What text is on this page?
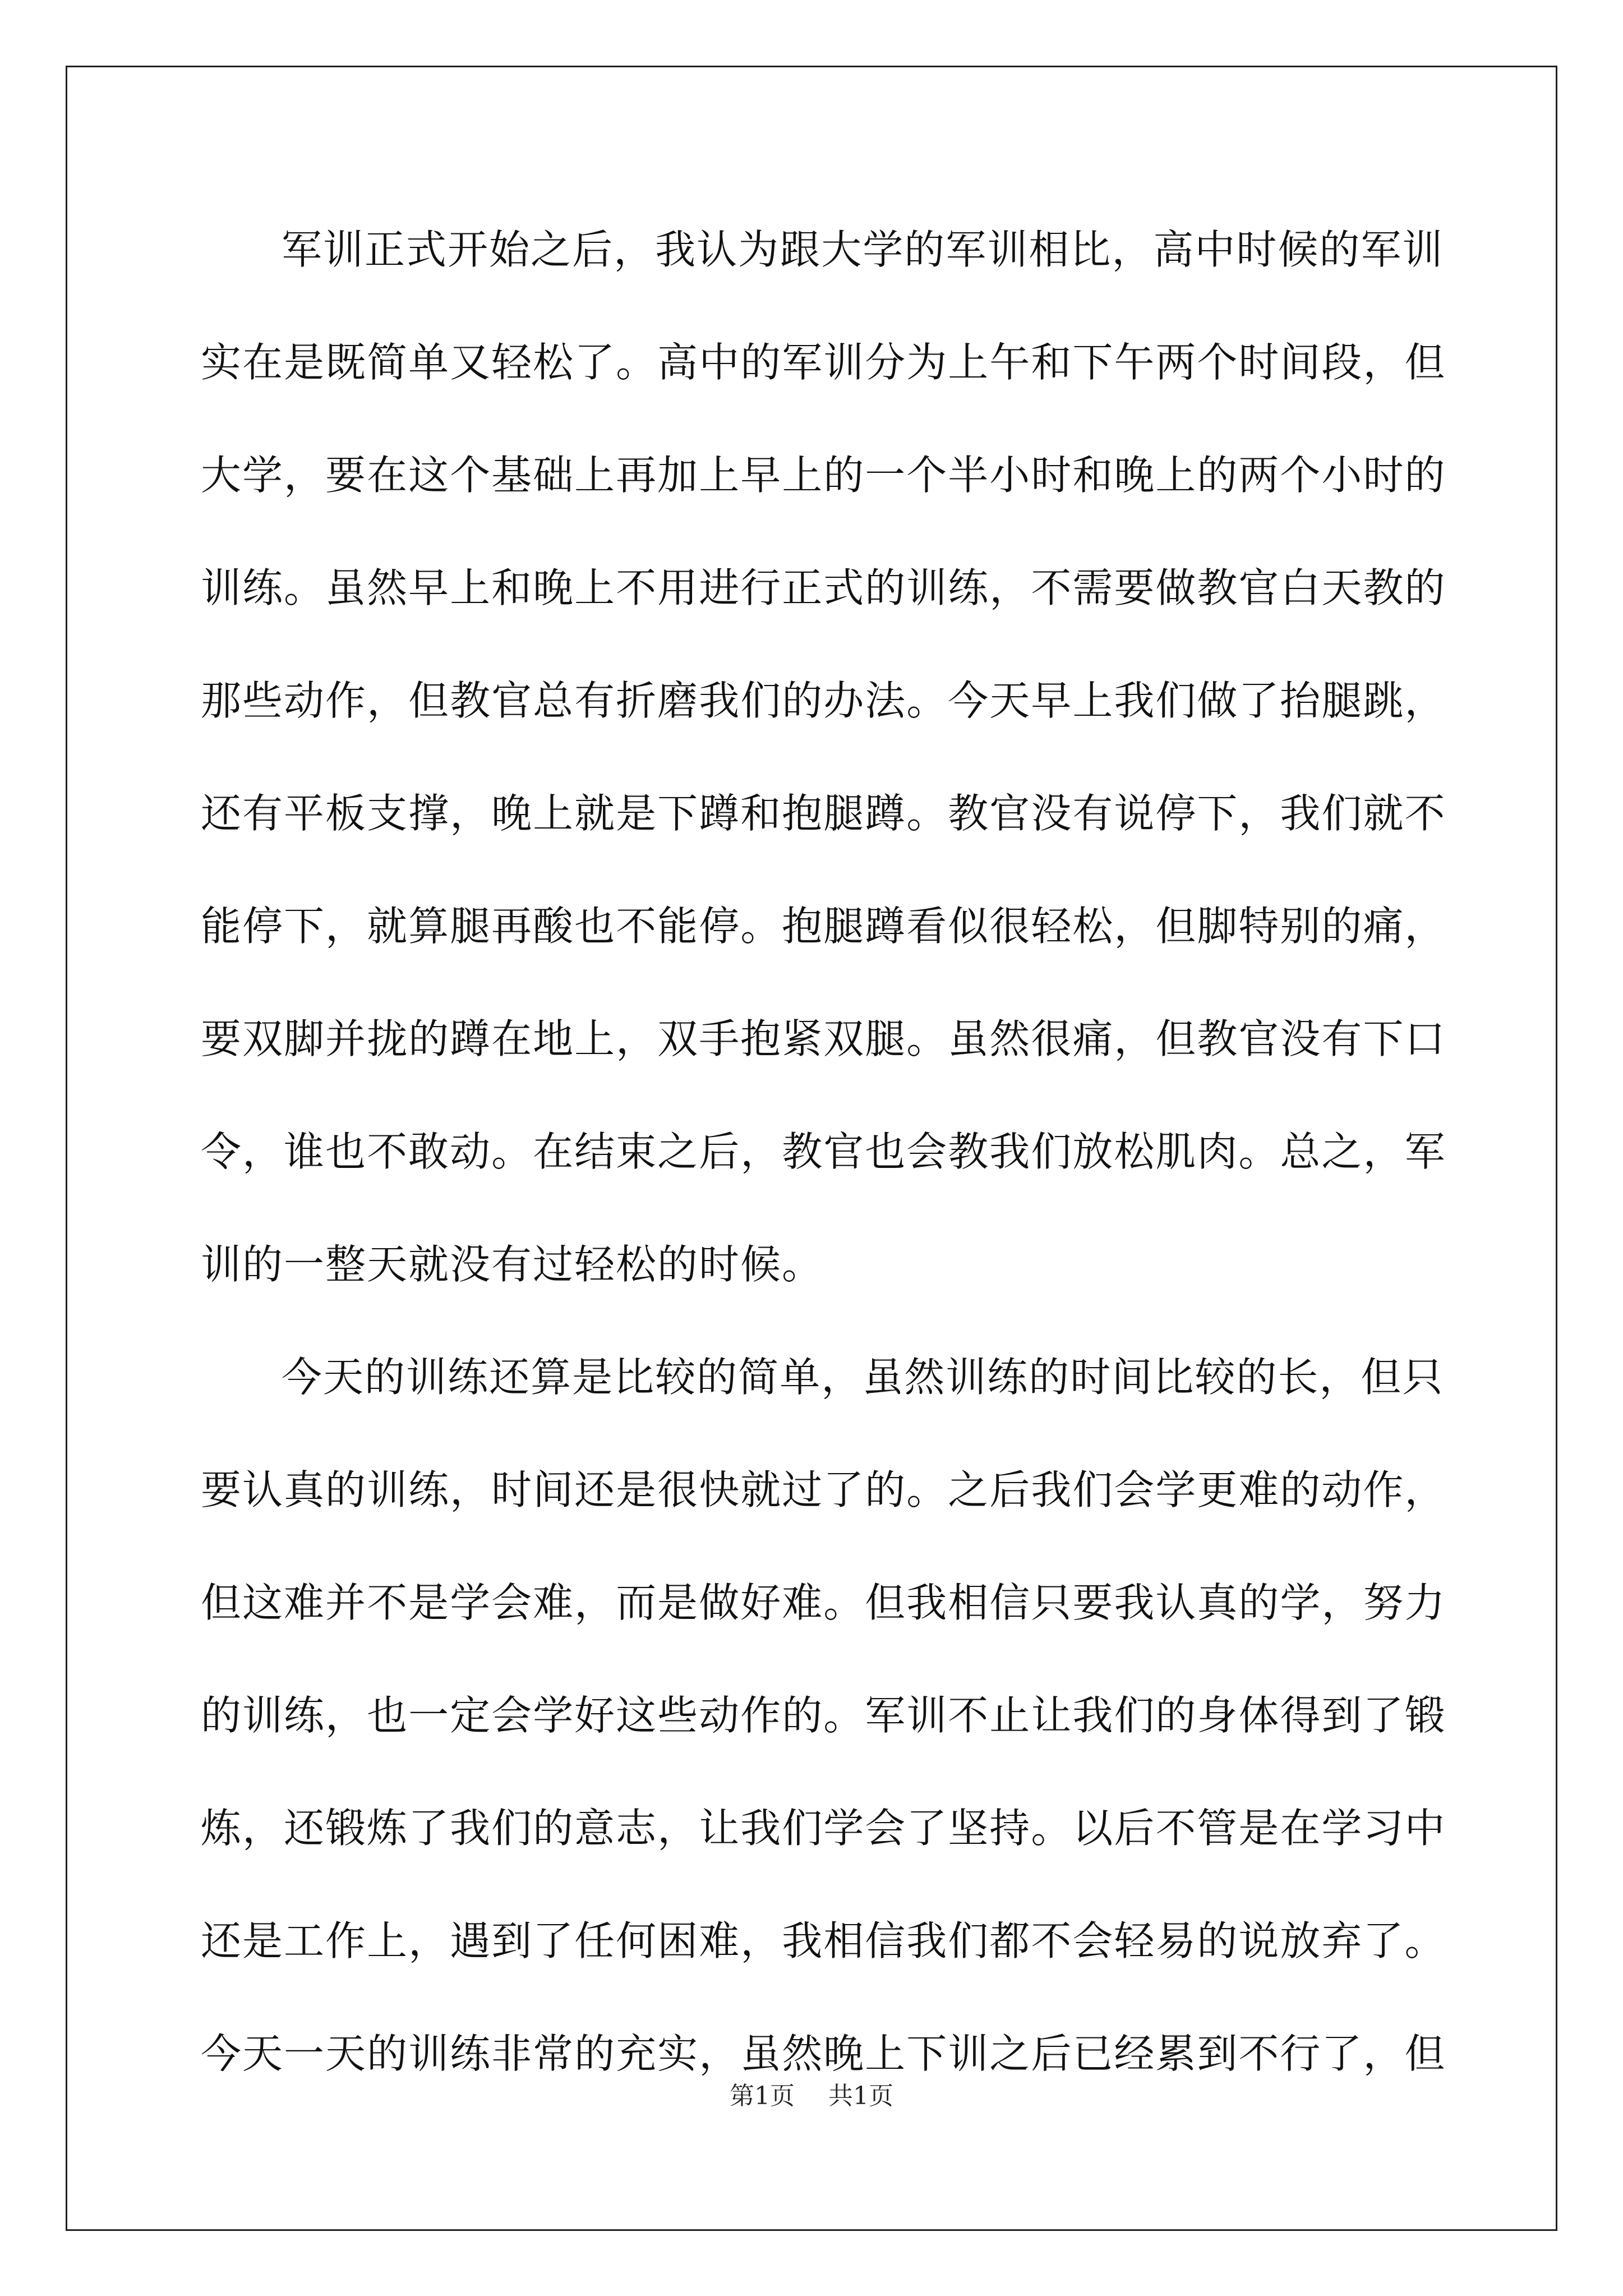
军 训 正 式 开 始 之 后 ， 我 认 为 跟 大 学 的 军 训 相 比 ， 高 中 时 候 的 军 训
实 在 是 既 简 单 又 轻 松 了 。 高 中 的 军 训 分 为 上 午 和 下 午 两 个 时 间 段 ， 但
大 学 ， 要 在 这 个 基 础 上 再 加 上 早 上 的 一 个 半 小 时 和 晚 上 的 两 个 小 时 的
训 练 。 虽 然 早 上 和 晚 上 不 用 进 行 正 式 的 训 练 ， 不 需 要 做 教 官 白 天 教 的
那 些 动 作 ， 但 教 官 总 有 折 磨 我 们 的 办 法 。 今 天 早 上 我 们 做 了 抬 腿 跳 ，
还 有 平 板 支 撑 ， 晚 上 就 是 下 蹲 和 抱 腿 蹲 。 教 官 没 有 说 停 下 ， 我 们 就 不
能 停 下 ， 就 算 腿 再 酸 也 不 能 停 。 抱 腿 蹲 看 似 很 轻 松 ， 但 脚 特 别 的 痛 ，
要 双 脚 并 拢 的 蹲 在 地 上 ， 双 手 抱 紧 双 腿 。 虽 然 很 痛 ， 但 教 官 没 有 下 口
令 ， 谁 也 不 敢 动 。 在 结 束 之 后 ， 教 官 也 会 教 我 们 放 松 肌 肉 。 总 之 ， 军
训的一整天就没有过轻松的时候。
今 天 的 训 练 还 算 是 比 较 的 简 单 ， 虽 然 训 练 的 时 间 比 较 的 长 ， 但 只
要 认 真 的 训 练 ， 时 间 还 是 很 快 就 过 了 的 。 之 后 我 们 会 学 更 难 的 动 作 ，
但 这 难 并 不 是 学 会 难 ， 而 是 做 好 难 。 但 我 相 信 只 要 我 认 真 的 学 ， 努 力
的 训 练 ， 也 一 定 会 学 好 这 些 动 作 的 。 军 训 不 止 让 我 们 的 身 体 得 到 了 锻
炼 ， 还 锻 炼 了 我 们 的 意 志 ， 让 我 们 学 会 了 坚 持 。 以 后 不 管 是 在 学 习 中
还 是 工 作 上 ， 遇 到 了 任 何 困 难 ， 我 相 信 我 们 都 不 会 轻 易 的 说 放 弃 了 。
今 天 一 天 的 训 练 非 常 的 充 实 ， 虽 然 晚 上 下 训 之 后 已 经 累 到 不 行 了 ， 但
第1页 共1页
